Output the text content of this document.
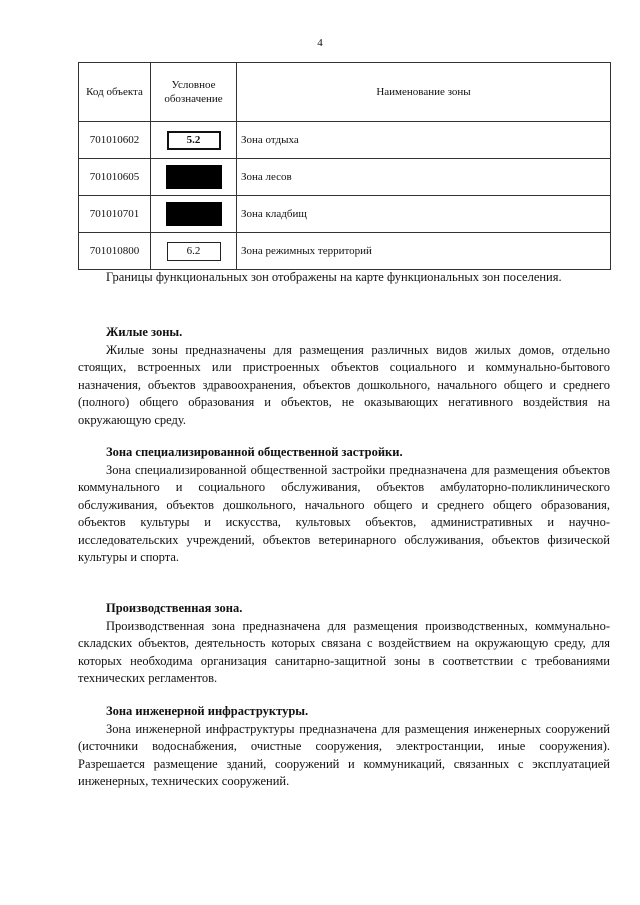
4
Код объекта	Условное обозначение	Наименование зоны
701010602	5.2	Зона отдыха
701010605		Зона лесов
701010701		Зона кладбищ
701010800	6.2	Зона режимных территорий

Границы функциональных зон отображены на карте функциональных зон поселения.

Жилые зоны.

Жилые зоны предназначены для размещения различных видов жилых домов, отдельно стоящих, встроенных или пристроенных объектов социального и коммунально-бытового назначения, объектов здравоохранения, объектов дошкольного, начального общего и среднего (полного) общего образования и объектов, не оказывающих негативного воздействия на окружающую среду.

Зона специализированной общественной застройки.

Зона специализированной общественной застройки предназначена для размещения объектов коммунального и социального обслуживания, объектов амбулаторно-поликлинического обслуживания, объектов дошкольного, начального общего и среднего общего образования, объектов культуры и искусства, культовых объектов, административных и научно-исследовательских учреждений, объектов ветеринарного обслуживания, объектов физической культуры и спорта.

Производственная зона.

Производственная зона предназначена для размещения производственных, коммунально-складских объектов, деятельность которых связана с воздействием на окружающую среду, для которых необходима организация санитарно-защитной зоны в соответствии с требованиями технических регламентов.

Зона инженерной инфраструктуры.

Зона инженерной инфраструктуры предназначена для размещения инженерных сооружений (источники водоснабжения, очистные сооружения, электростанции, иные сооружения). Разрешается размещение зданий, сооружений и коммуникаций, связанных с эксплуатацией инженерных, технических сооружений.
